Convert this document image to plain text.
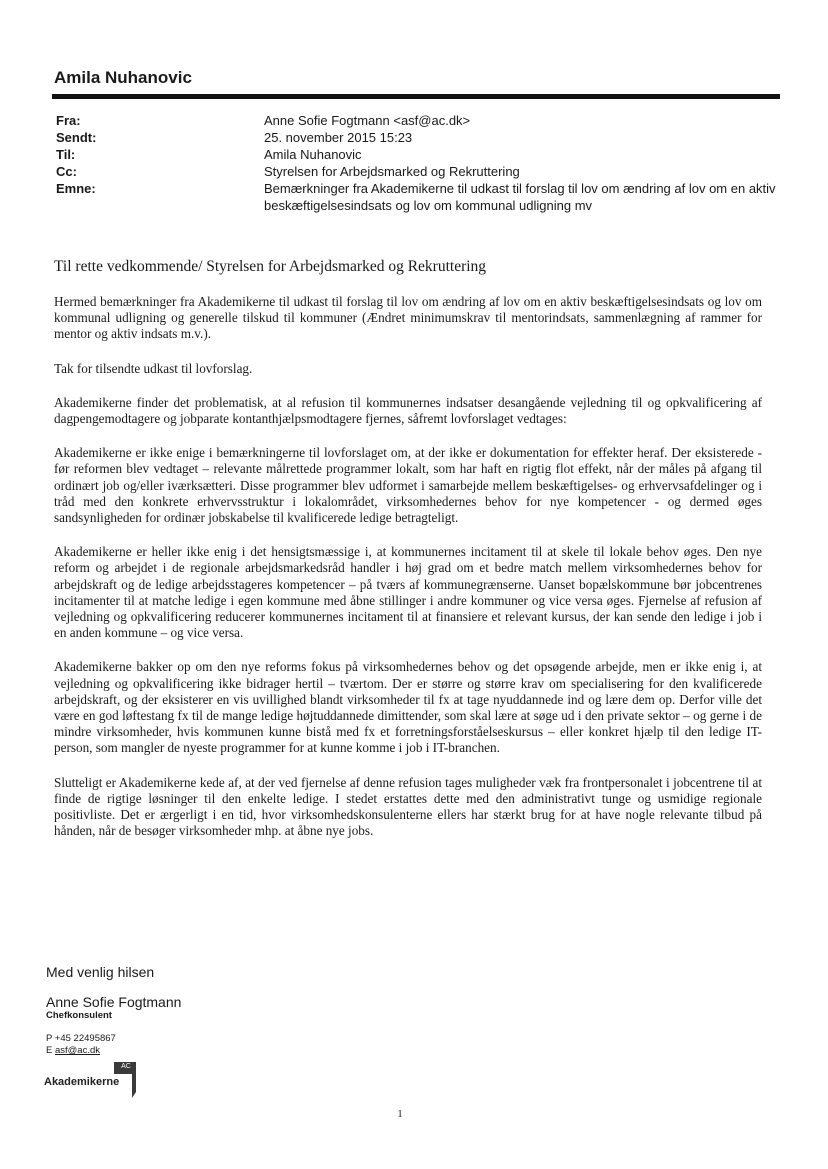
Amila Nuhanovic
Fra:	Anne Sofie Fogtmann <asf@ac.dk>
Sendt:	25. november 2015 15:23
Til:	Amila Nuhanovic
Cc:	Styrelsen for Arbejdsmarked og Rekruttering
Emne:	Bemærkninger fra Akademikerne til udkast til forslag til lov om ændring af lov om en aktiv beskæftigelsesindsats og lov om kommunal udligning mv

Til rette vedkommende/ Styrelsen for Arbejdsmarked og Rekruttering

Hermed bemærkninger fra Akademikerne til udkast til forslag til lov om ændring af lov om en aktiv beskæftigelsesindsats og lov om kommunal udligning og generelle tilskud til kommuner (Ændret minimumskrav til mentorindsats, sammenlægning af rammer for mentor og aktiv indsats m.v.).

Tak for tilsendte udkast til lovforslag.

Akademikerne finder det problematisk, at al refusion til kommunernes indsatser desangående vejledning til og opkvalificering af dagpengemodtagere og jobparate kontanthjælpsmodtagere fjernes, såfremt lovforslaget vedtages:

Akademikerne er ikke enige i bemærkningerne til lovforslaget om, at der ikke er dokumentation for effekter heraf. Der eksisterede - før reformen blev vedtaget – relevante målrettede programmer lokalt, som har haft en rigtig flot effekt, når der måles på afgang til ordinært job og/eller iværksætteri. Disse programmer blev udformet i samarbejde mellem beskæftigelses- og erhvervsafdelinger og i tråd med den konkrete erhvervsstruktur i lokalområdet, virksomhedernes behov for nye kompetencer - og dermed øges sandsynligheden for ordinær jobskabelse til kvalificerede ledige betragteligt.

Akademikerne er heller ikke enig i det hensigtsmæssige i, at kommunernes incitament til at skele til lokale behov øges. Den nye reform og arbejdet i de regionale arbejdsmarkedsråd handler i høj grad om et bedre match mellem virksomhedernes behov for arbejdskraft og de ledige arbejdsstageres kompetencer – på tværs af kommunegrænserne. Uanset bopælskommune bør jobcentrenes incitamenter til at matche ledige i egen kommune med åbne stillinger i andre kommuner og vice versa øges. Fjernelse af refusion af vejledning og opkvalificering reducerer kommunernes incitament til at finansiere et relevant kursus, der kan sende den ledige i job i en anden kommune – og vice versa.

Akademikerne bakker op om den nye reforms fokus på virksomhedernes behov og det opsøgende arbejde, men er ikke enig i, at vejledning og opkvalificering ikke bidrager hertil – tværtom. Der er større og større krav om specialisering for den kvalificerede arbejdskraft, og der eksisterer en vis uvillighed blandt virksomheder til fx at tage nyuddannede ind og lære dem op. Derfor ville det være en god løftestang fx til de mange ledige højtuddannede dimittender, som skal lære at søge ud i den private sektor – og gerne i de mindre virksomheder, hvis kommunen kunne bistå med fx et forretningsforståelseskursus – eller konkret hjælp til den ledige IT-person, som mangler de nyeste programmer for at kunne komme i job i IT-branchen.

Slutteligt er Akademikerne kede af, at der ved fjernelse af denne refusion tages muligheder væk fra frontpersonalet i jobcentrene til at finde de rigtige løsninger til den enkelte ledige. I stedet erstattes dette med den administrativt tunge og usmidige regionale positivliste. Det er ærgerligt i en tid, hvor virksomhedskonsulenterne ellers har stærkt brug for at have nogle relevante tilbud på hånden, når de besøger virksomheder mhp. at åbne nye jobs.

Med venlig hilsen
Anne Sofie Fogtmann
Chefkonsulent
P +45 22495867
E asf@ac.dk
AC
Akademikerne
1
